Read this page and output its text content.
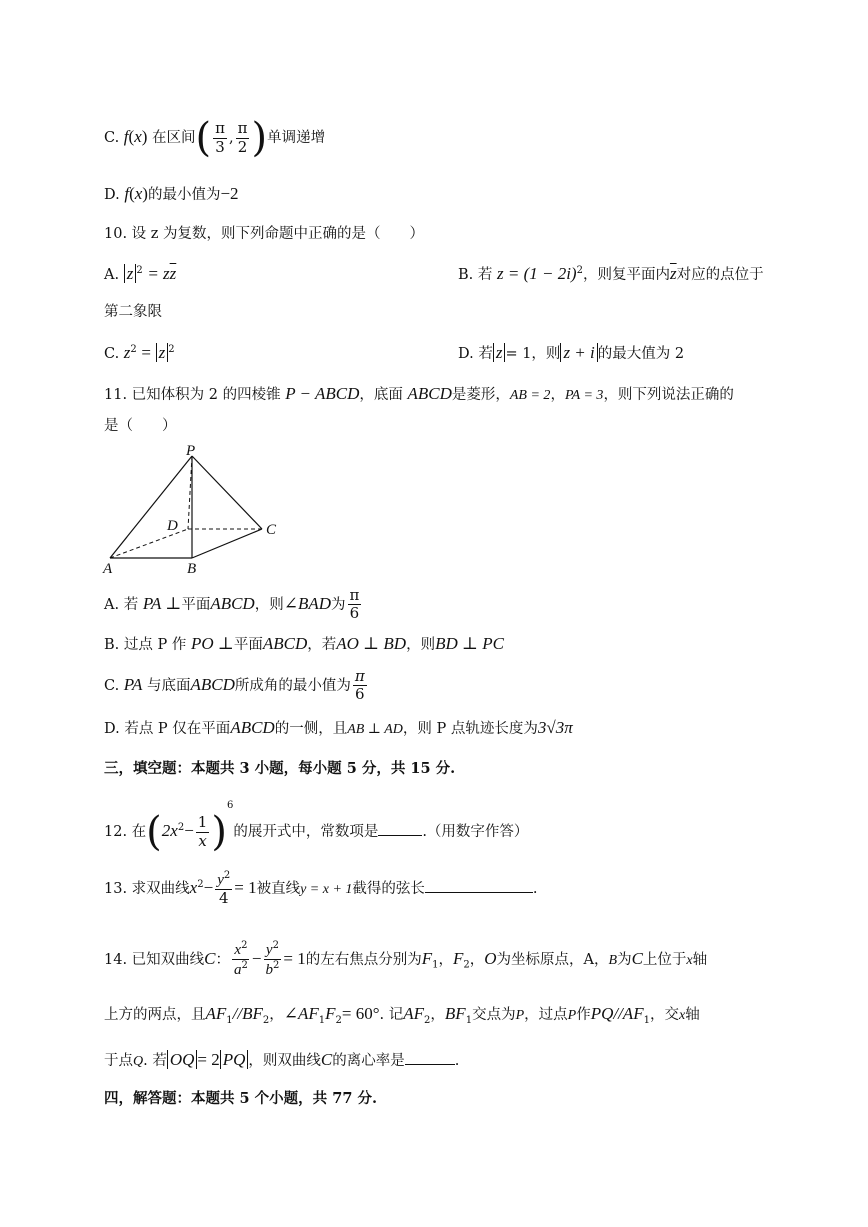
C. f(x) 在区间( $\frac{\pi}{3}$ , $\frac{\pi}{2}$ )单调递增
D. f(x)的最小值为−2
10. 设 z 为复数，则下列命题中正确的是（　　）
A. z $^2 = z\overline{z}$	B. 若 $z = (1 - 2i)^2$，则复平面内$\overline{z}$对应的点位于
第二象限
C. $z^2 = z$ $^2$	D. 若 z = 1，则 z + i 的最大值为 2
11. 已知体积为 2 的四棱锥 P − ABCD，底面 ABCD是菱形，AB = 2，PA = 3，则下列说法正确的
是（　　）
P
D	C
A	B
A. 若 PA ⊥平面ABCD，则∠BAD为 $\frac{\pi}{6}$
B. 过点 P 作 PO ⊥平面ABCD，若AO ⊥ BD，则BD ⊥ PC
C. PA 与底面ABCD所成角的最小值为 $\frac{\pi}{6}$
D. 若点 P 仅在平面ABCD的一侧，且AB ⊥ AD，则 P 点轨迹长度为3√3π
三，填空题：本题共 3 小题，每小题 5 分，共 15 分.
12. 在$(2x^2- \frac{1}{x} )^6$的展开式中，常数项是	.（用数字作答）
13. 求双曲线$x^2- \frac{y^2}{4} = 1$被直线y = x + 1截得的弦长	.
14. 已知双曲线C： $\frac{x^2}{a^2} - \frac{y^2}{b^2} = 1$的左右焦点分别为$F_1$，$F_2$，O为坐标原点，A，B为C上位于x轴
上方的两点，且$AF_1//BF_2$，$\angle AF_1F_2= 60^\circ$. 记$AF_2$，$BF_1$交点为P，过点P作$PQ//AF_1$，交x轴
于点Q. 若 OQ = 2 PQ ，则双曲线C的离心率是	.
四，解答题：本题共 5 个小题，共 77 分.
